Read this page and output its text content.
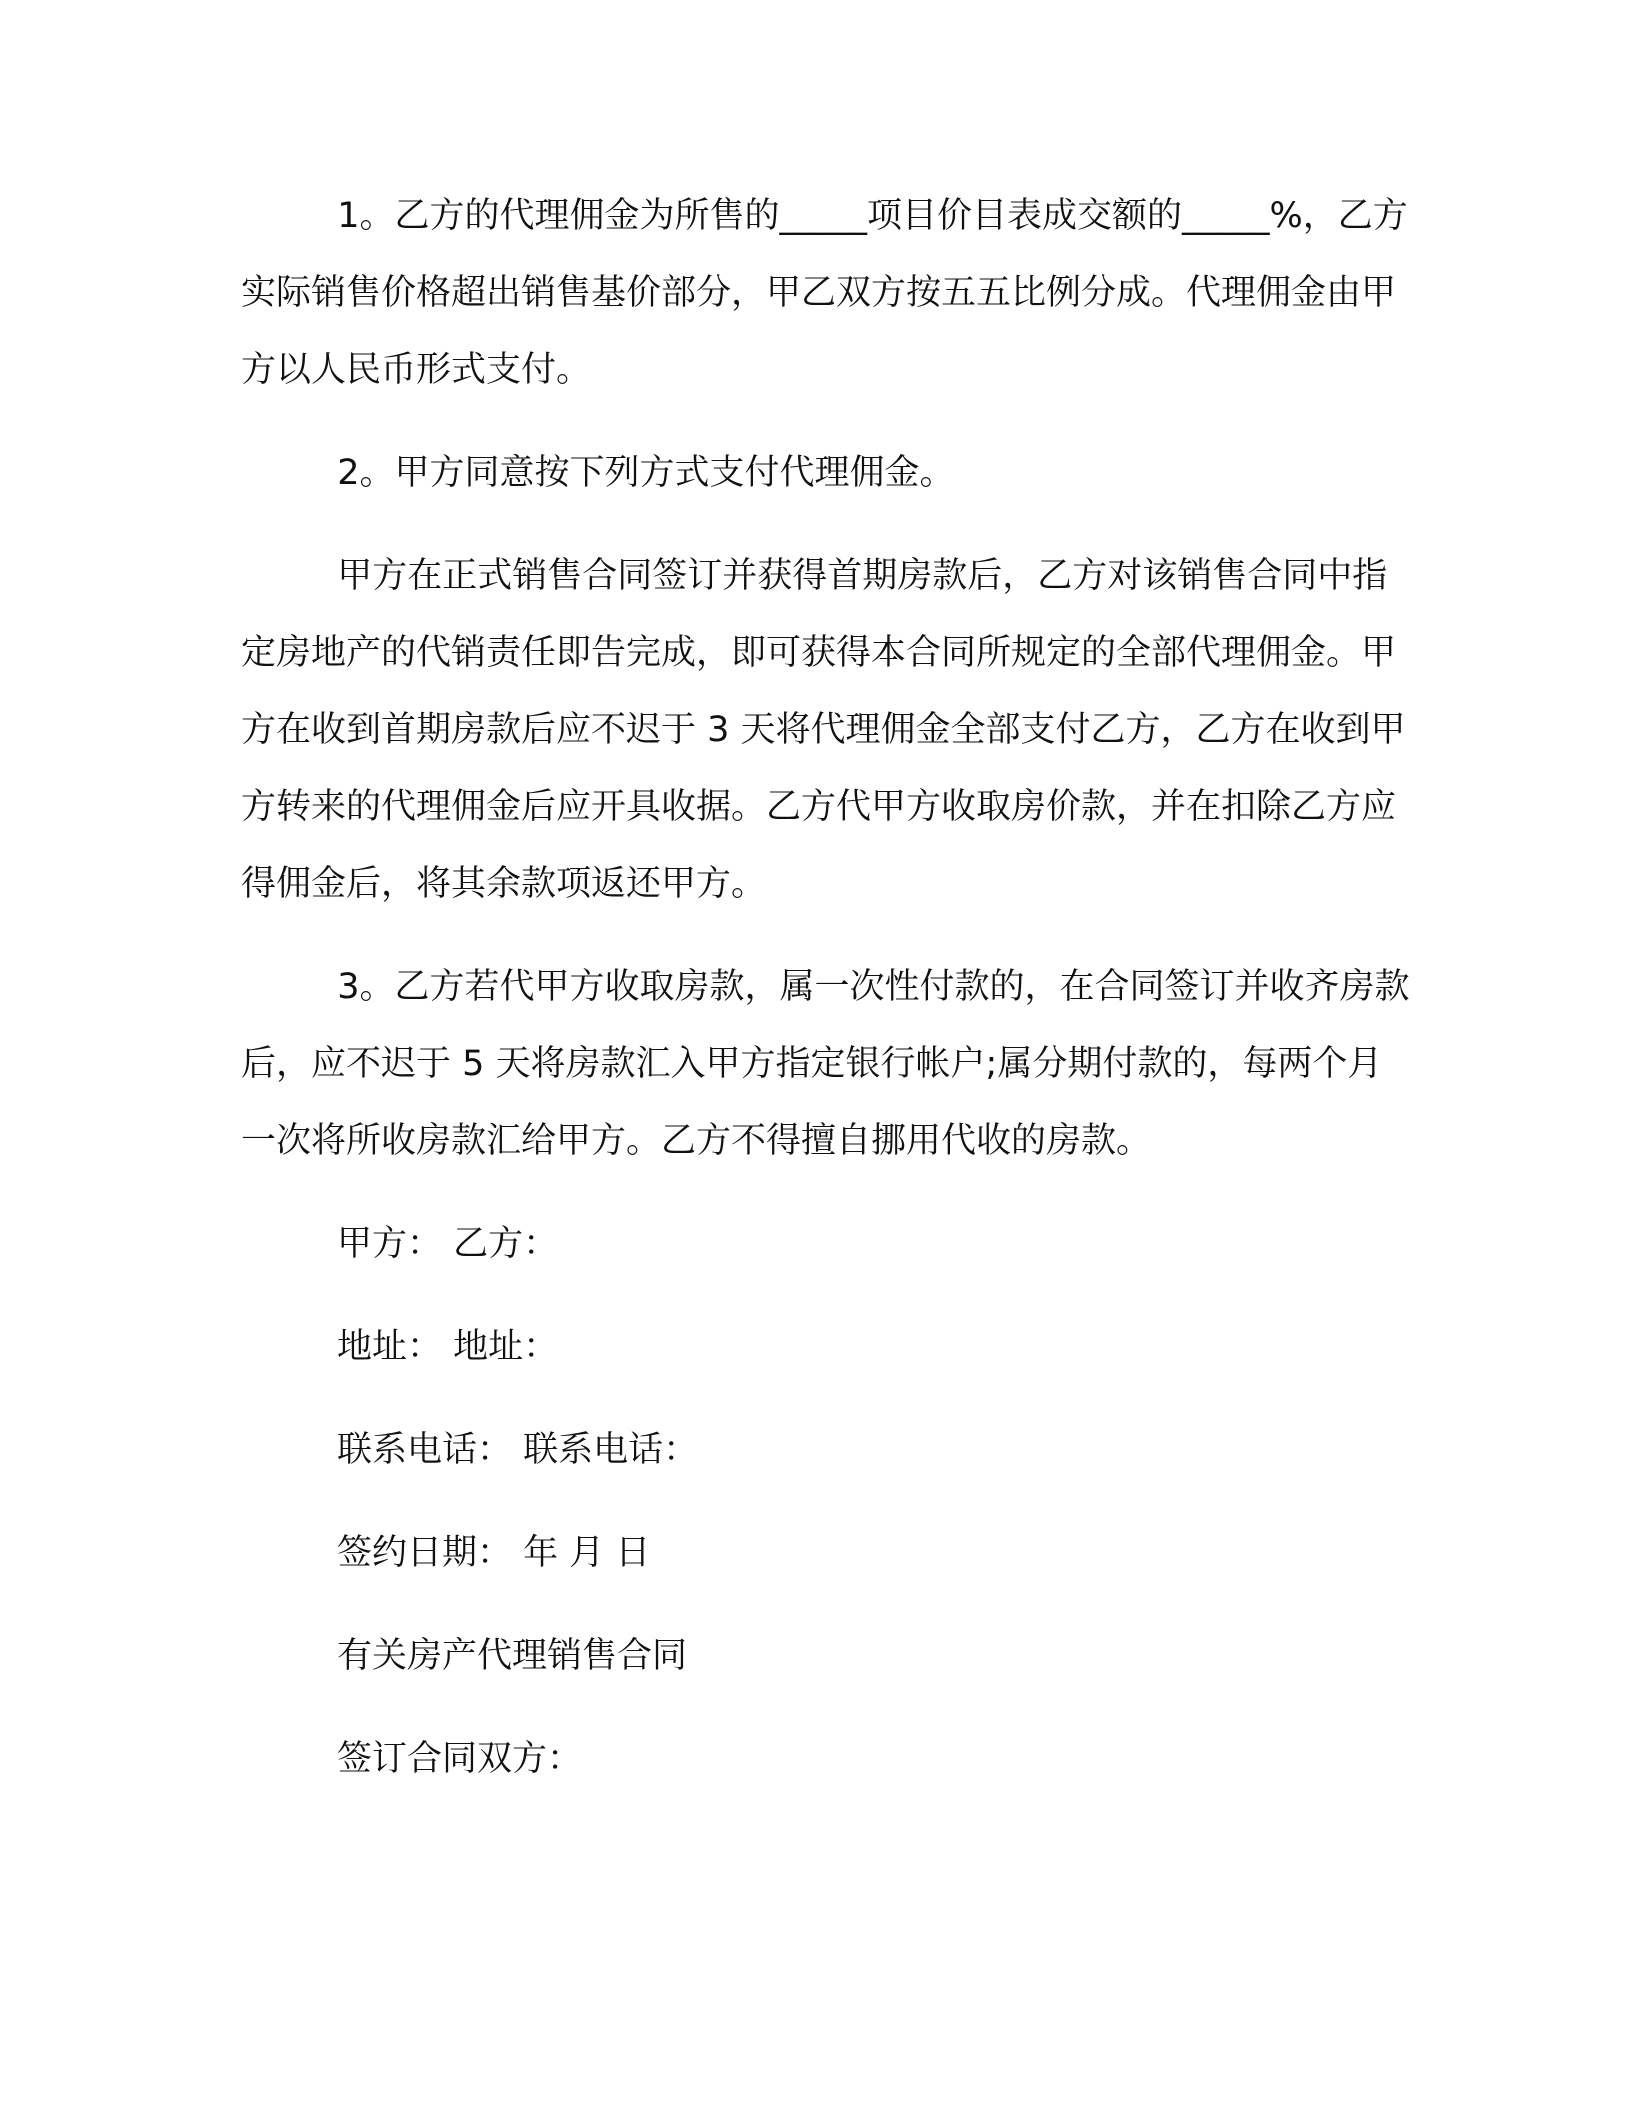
1。乙方的代理佣金为所售的_____项目价目表成交额的_____%，乙方实际销售价格超出销售基价部分，甲乙双方按五五比例分成。代理佣金由甲方以人民币形式支付。

2。甲方同意按下列方式支付代理佣金。

甲方在正式销售合同签订并获得首期房款后，乙方对该销售合同中指定房地产的代销责任即告完成，即可获得本合同所规定的全部代理佣金。甲方在收到首期房款后应不迟于 3 天将代理佣金全部支付乙方，乙方在收到甲方转来的代理佣金后应开具收据。乙方代甲方收取房价款，并在扣除乙方应得佣金后，将其余款项返还甲方。

3。乙方若代甲方收取房款，属一次性付款的，在合同签订并收齐房款后，应不迟于 5 天将房款汇入甲方指定银行帐户;属分期付款的，每两个月一次将所收房款汇给甲方。乙方不得擅自挪用代收的房款。

甲方： 乙方：

地址： 地址：

联系电话： 联系电话：

签约日期： 年 月 日

有关房产代理销售合同

签订合同双方：
